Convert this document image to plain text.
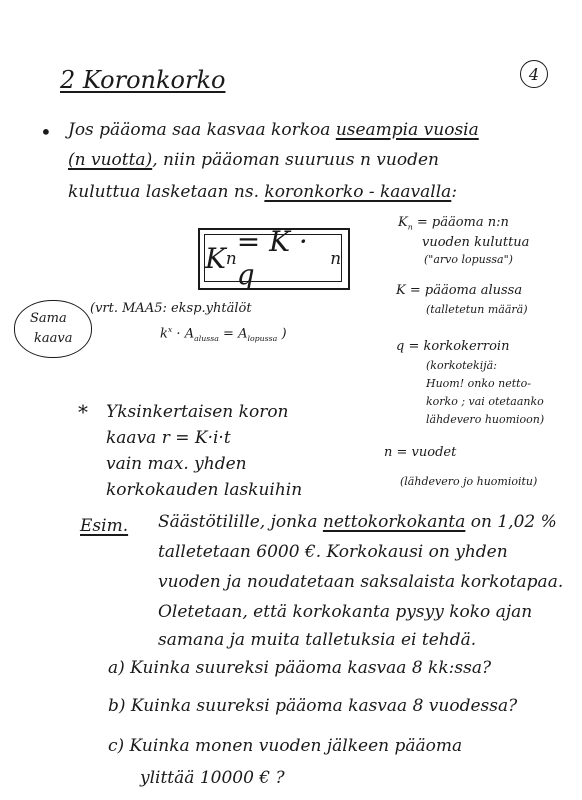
2 Koronkorko	4
• Jos pääoma saa kasvaa korkoa useampia vuosia
(n vuotta), niin pääoman suuruus n vuoden
kuluttua lasketaan ns. koronkorko - kaavalla:
K n = K · q	n
$K_n$ = pääoma n:n
vuoden kuluttua
("arvo lopussa")
K = pääoma alussa
(talletetun määrä)
q = korkokerroin
(korkotekijä:
Huom! onko netto-
korko ; vai otetaanko
lähdevero huomioon)
n = vuodet
(lähdevero jo huomioitu)
Sama
kaava
(vrt. MAA5: eksp.yhtälöt
$k^x \cdot A_{alussa} = A_{lopussa}$ )
* Yksinkertaisen koron
kaava r = K·i·t
vain max. yhden
korkokauden laskuihin
Esim. Säästötilille, jonka nettokorkokanta on 1,02 %
talletetaan 6000 €. Korkokausi on yhden
vuoden ja noudatetaan saksalaista korkotapaa.
Oletetaan, että korkokanta pysyy koko ajan
samana ja muita talletuksia ei tehdä.
a) Kuinka suureksi pääoma kasvaa 8 kk:ssa?
b) Kuinka suureksi pääoma kasvaa 8 vuodessa?
c) Kuinka monen vuoden jälkeen pääoma
ylittää 10000 € ?
